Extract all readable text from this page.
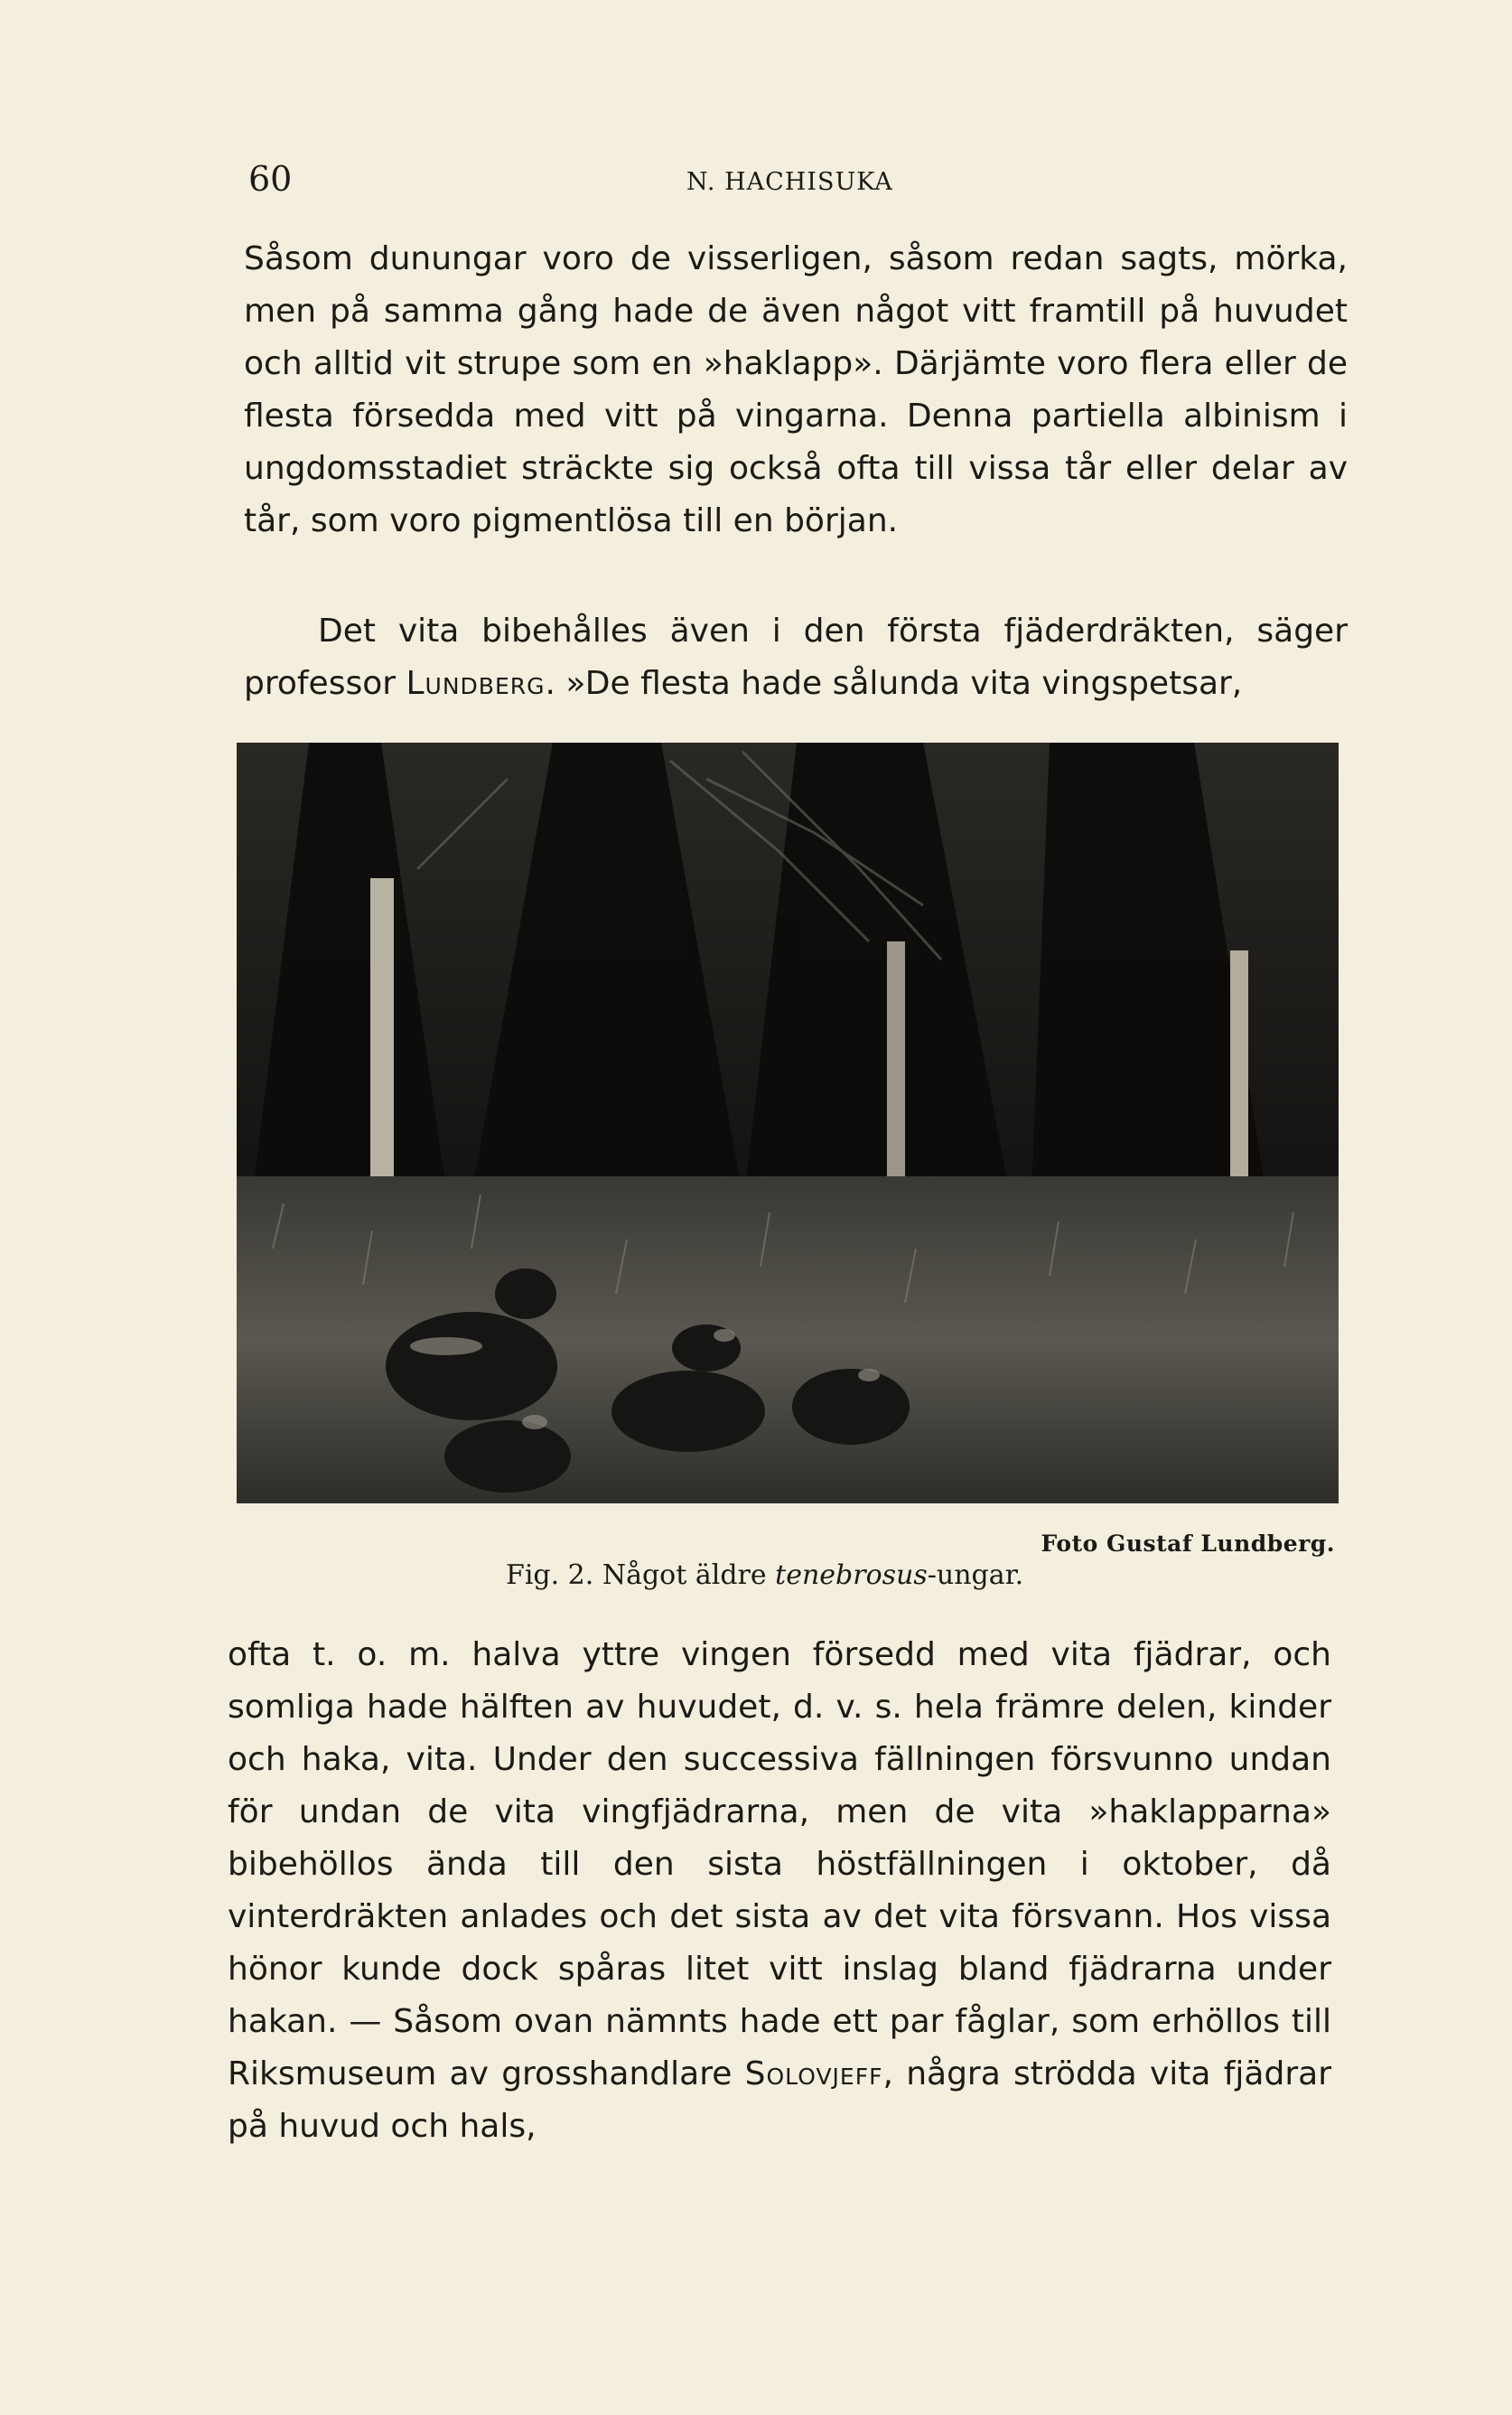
60	N. HACHISUKA

Såsom dunungar voro de visserligen, såsom redan sagts, mörka, men på samma gång hade de även något vitt framtill på huvudet och alltid vit strupe som en »haklapp». Därjämte voro flera eller de flesta försedda med vitt på vingarna. Denna partiella albinism i ungdomsstadiet sträckte sig också ofta till vissa tår eller delar av tår, som voro pigmentlösa till en början.

Det vita bibehålles även i den första fjäderdräkten, säger professor Lundberg. »De flesta hade sålunda vita vingspetsar,

Foto Gustaf Lundberg.
Fig. 2. Något äldre tenebrosus-ungar.

ofta t. o. m. halva yttre vingen försedd med vita fjädrar, och somliga hade hälften av huvudet, d. v. s. hela främre delen, kinder och haka, vita. Under den successiva fällningen försvunno undan för undan de vita vingfjädrarna, men de vita »haklapparna» bibehöllos ända till den sista höstfällningen i oktober, då vinterdräkten anlades och det sista av det vita försvann. Hos vissa hönor kunde dock spåras litet vitt inslag bland fjädrarna under hakan. — Såsom ovan nämnts hade ett par fåglar, som erhöllos till Riksmuseum av grosshandlare Solovjeff, några strödda vita fjädrar på huvud och hals,
